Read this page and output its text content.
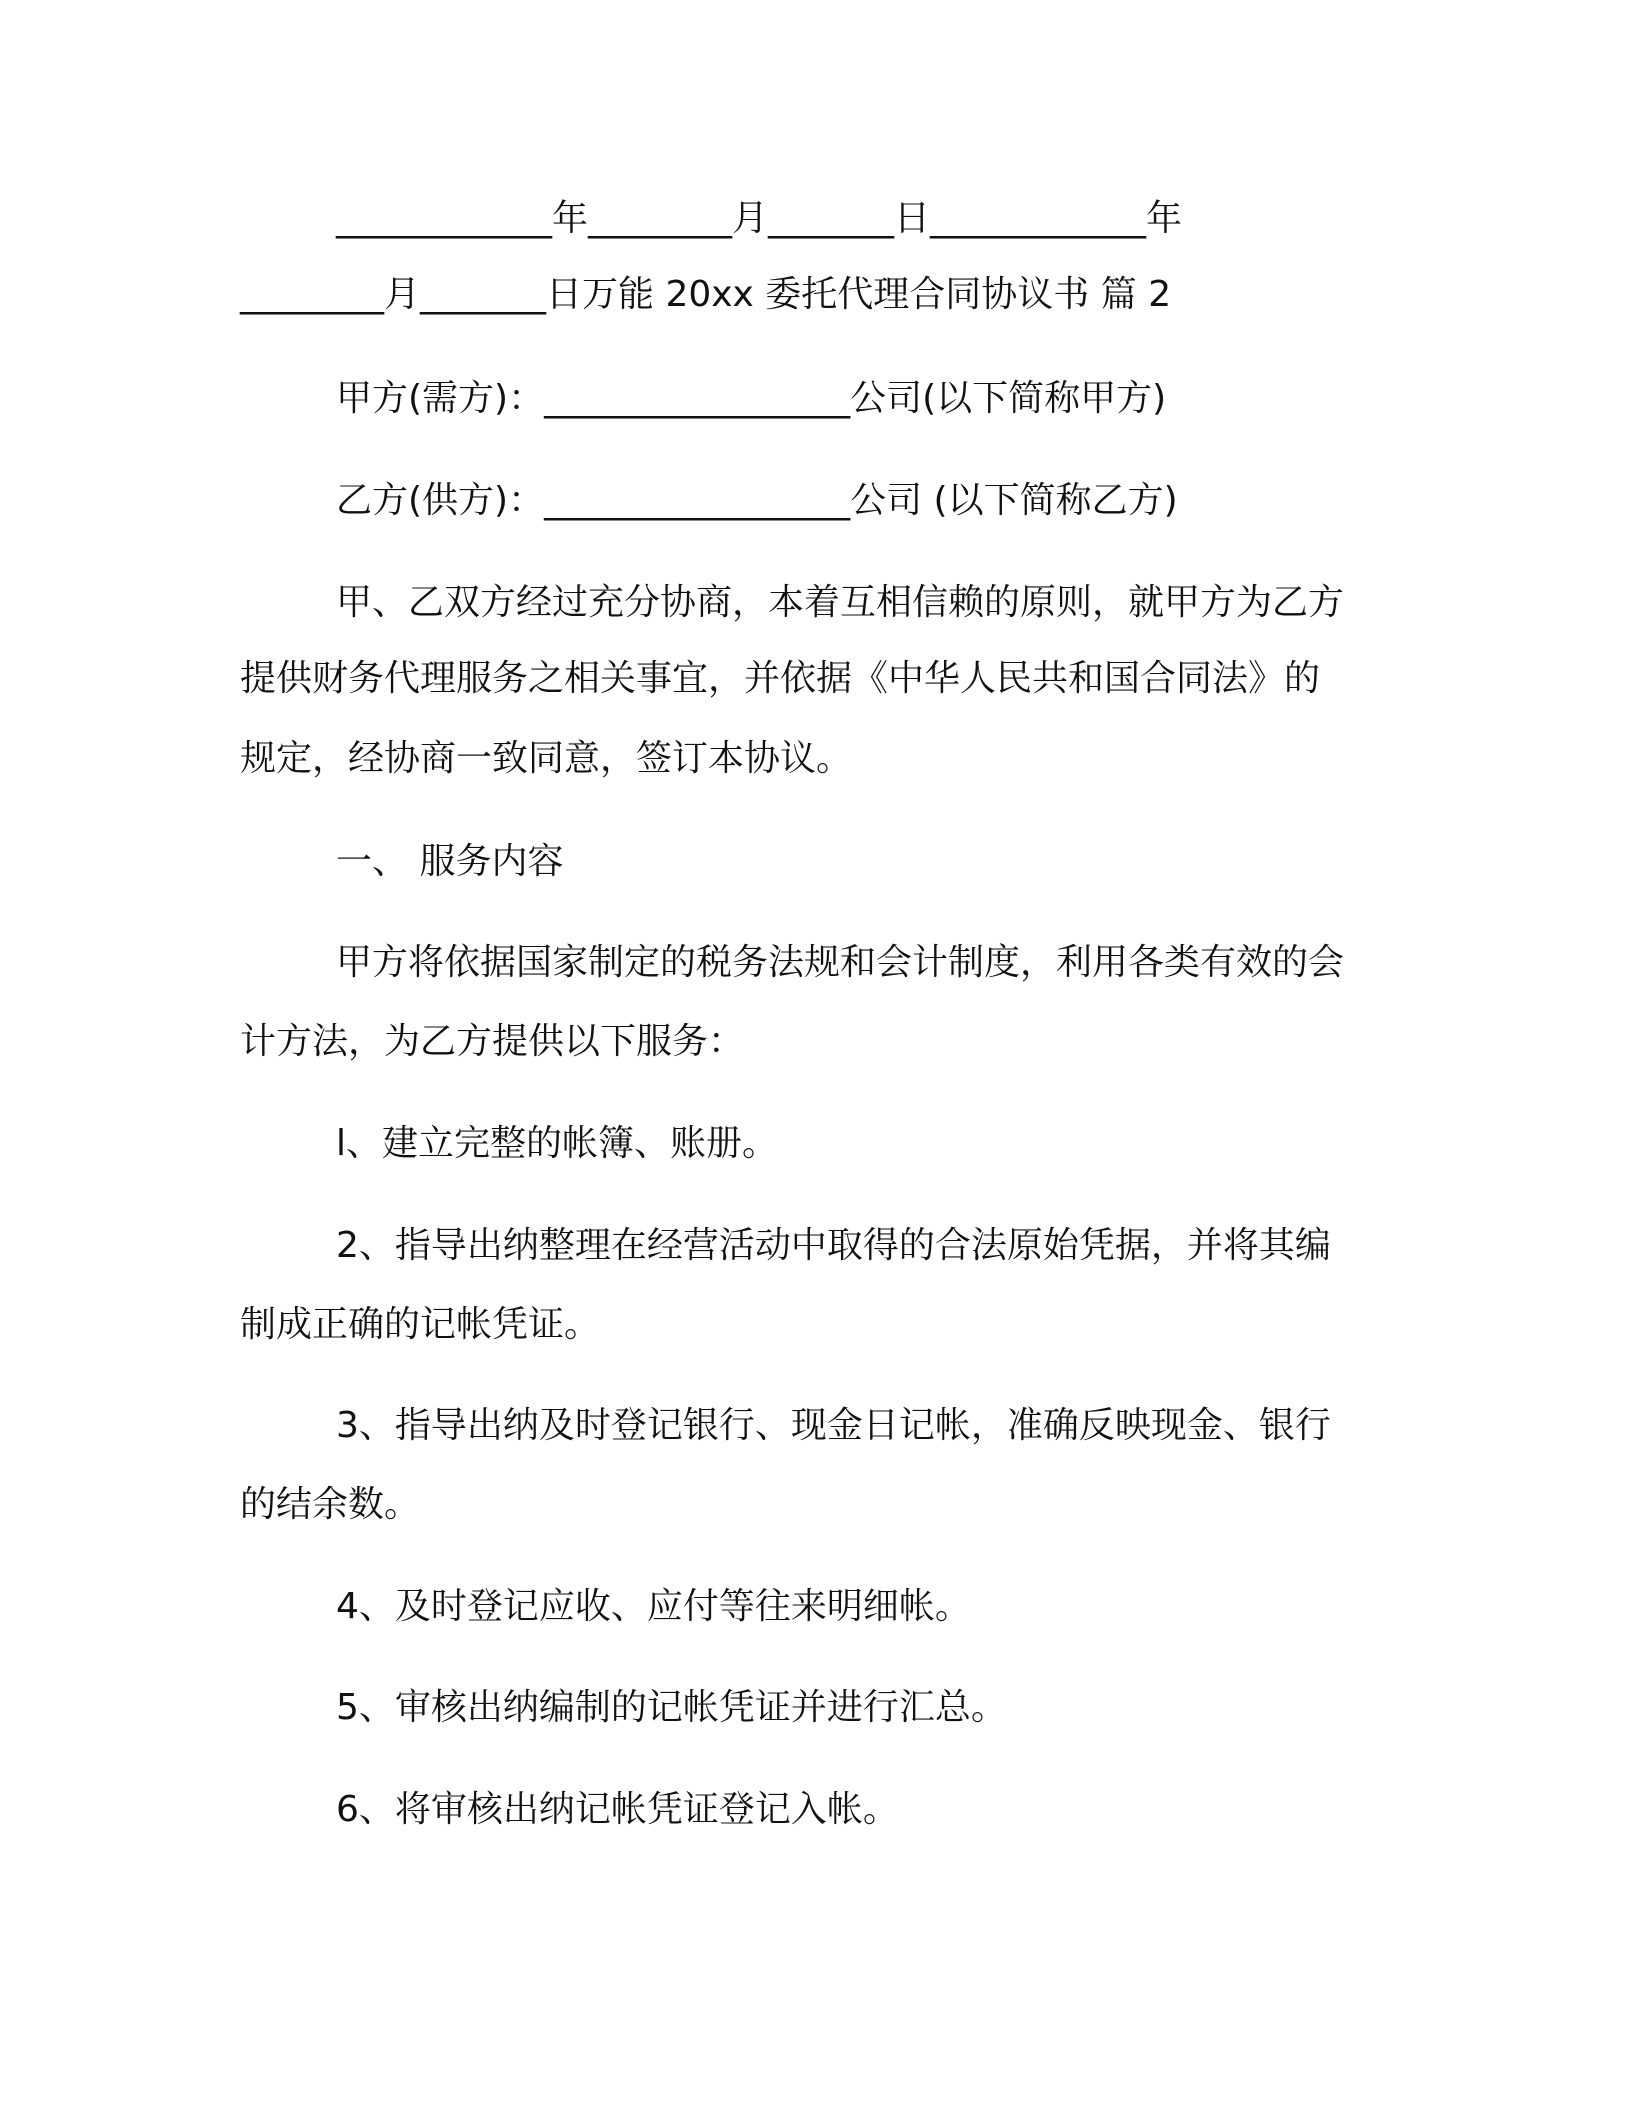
____________年________月_______日____________年
________月_______日万能 20xx 委托代理合同协议书 篇 2
甲方(需方)：_________________公司(以下简称甲方)
乙方(供方)：_________________公司 (以下简称乙方)
甲、乙双方经过充分协商，本着互相信赖的原则，就甲方为乙方
提供财务代理服务之相关事宜，并依据《中华人民共和国合同法》的
规定，经协商一致同意，签订本协议。
一、 服务内容
甲方将依据国家制定的税务法规和会计制度，利用各类有效的会
计方法，为乙方提供以下服务：
l、建立完整的帐簿、账册。
2、指导出纳整理在经营活动中取得的合法原始凭据，并将其编
制成正确的记帐凭证。
3、指导出纳及时登记银行、现金日记帐，准确反映现金、银行
的结余数。
4、及时登记应收、应付等往来明细帐。
5、审核出纳编制的记帐凭证并进行汇总。
6、将审核出纳记帐凭证登记入帐。
